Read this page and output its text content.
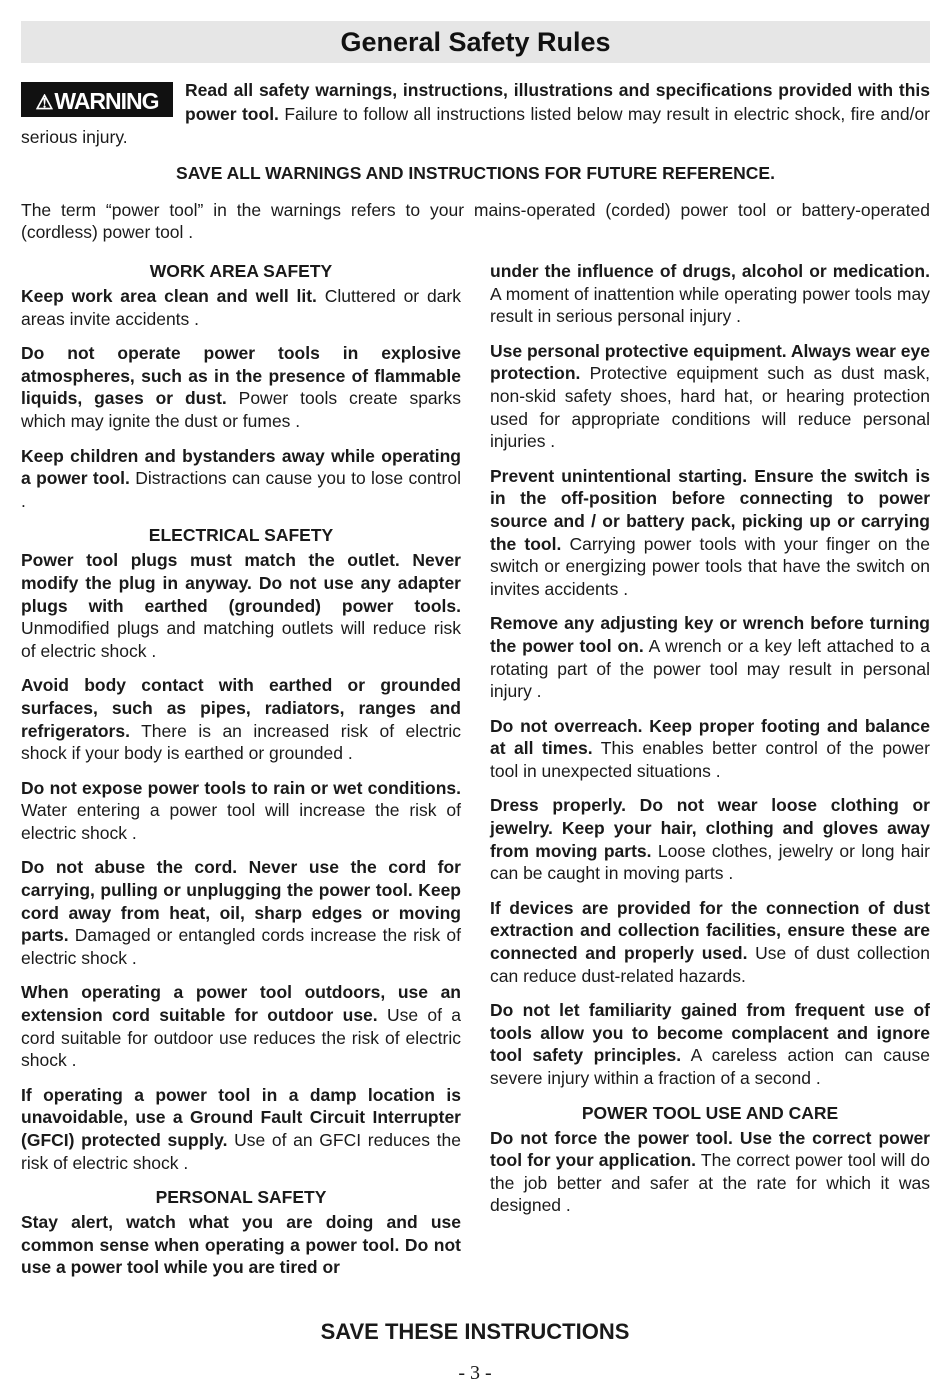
General Safety Rules
⚠WARNING	Read all safety warnings, instructions, illustrations and specifications provided with this power tool. Failure to follow all instructions listed below may result in electric shock, fire and/or serious injury.
SAVE ALL WARNINGS AND INSTRUCTIONS FOR FUTURE REFERENCE.
The term “power tool” in the warnings refers to your mains-operated (corded) power tool or battery-operated (cordless) power tool .
WORK AREA SAFETY

Keep work area clean and well lit. Cluttered or dark areas invite accidents .

Do not operate power tools in explosive atmospheres, such as in the presence of flammable liquids, gases or dust. Power tools create sparks which may ignite the dust or fumes .

Keep children and bystanders away while operating a power tool. Distractions can cause you to lose control .

ELECTRICAL SAFETY

Power tool plugs must match the outlet. Never modify the plug in anyway. Do not use any adapter plugs with earthed (grounded) power tools. Unmodified plugs and matching outlets will reduce risk of electric shock .

Avoid body contact with earthed or grounded surfaces, such as pipes, radiators, ranges and refrigerators. There is an increased risk of electric shock if your body is earthed or grounded .

Do not expose power tools to rain or wet conditions. Water entering a power tool will increase the risk of electric shock .

Do not abuse the cord. Never use the cord for carrying, pulling or unplugging the power tool. Keep cord away from heat, oil, sharp edges or moving parts. Damaged or entangled cords increase the risk of electric shock .

When operating a power tool outdoors, use an extension cord suitable for outdoor use. Use of a cord suitable for outdoor use reduces the risk of electric shock .

If operating a power tool in a damp location is unavoidable, use a Ground Fault Circuit Interrupter (GFCI) protected supply. Use of an GFCI reduces the risk of electric shock .

PERSONAL SAFETY

Stay alert, watch what you are doing and use common sense when operating a power tool. Do not use a power tool while you are tired or

under the influence of drugs, alcohol or medication. A moment of inattention while operating power tools may result in serious personal injury .

Use personal protective equipment. Always wear eye protection. Protective equipment such as dust mask, non-skid safety shoes, hard hat, or hearing protection used for appropriate conditions will reduce personal injuries .

Prevent unintentional starting. Ensure the switch is in the off-position before connecting to power source and / or battery pack, picking up or carrying the tool. Carrying power tools with your finger on the switch or energizing power tools that have the switch on invites accidents .

Remove any adjusting key or wrench before turning the power tool on. A wrench or a key left attached to a rotating part of the power tool may result in personal injury .

Do not overreach. Keep proper footing and balance at all times. This enables better control of the power tool in unexpected situations .

Dress properly. Do not wear loose clothing or jewelry. Keep your hair, clothing and gloves away from moving parts. Loose clothes, jewelry or long hair can be caught in moving parts .

If devices are provided for the connection of dust extraction and collection facilities, ensure these are connected and properly used. Use of dust collection can reduce dust-related hazards.

Do not let familiarity gained from frequent use of tools allow you to become complacent and ignore tool safety principles. A careless action can cause severe injury within a fraction of a second .

POWER TOOL USE AND CARE

Do not force the power tool. Use the correct power tool for your application. The correct power tool will do the job better and safer at the rate for which it was designed .

SAVE THESE INSTRUCTIONS
- 3 -
